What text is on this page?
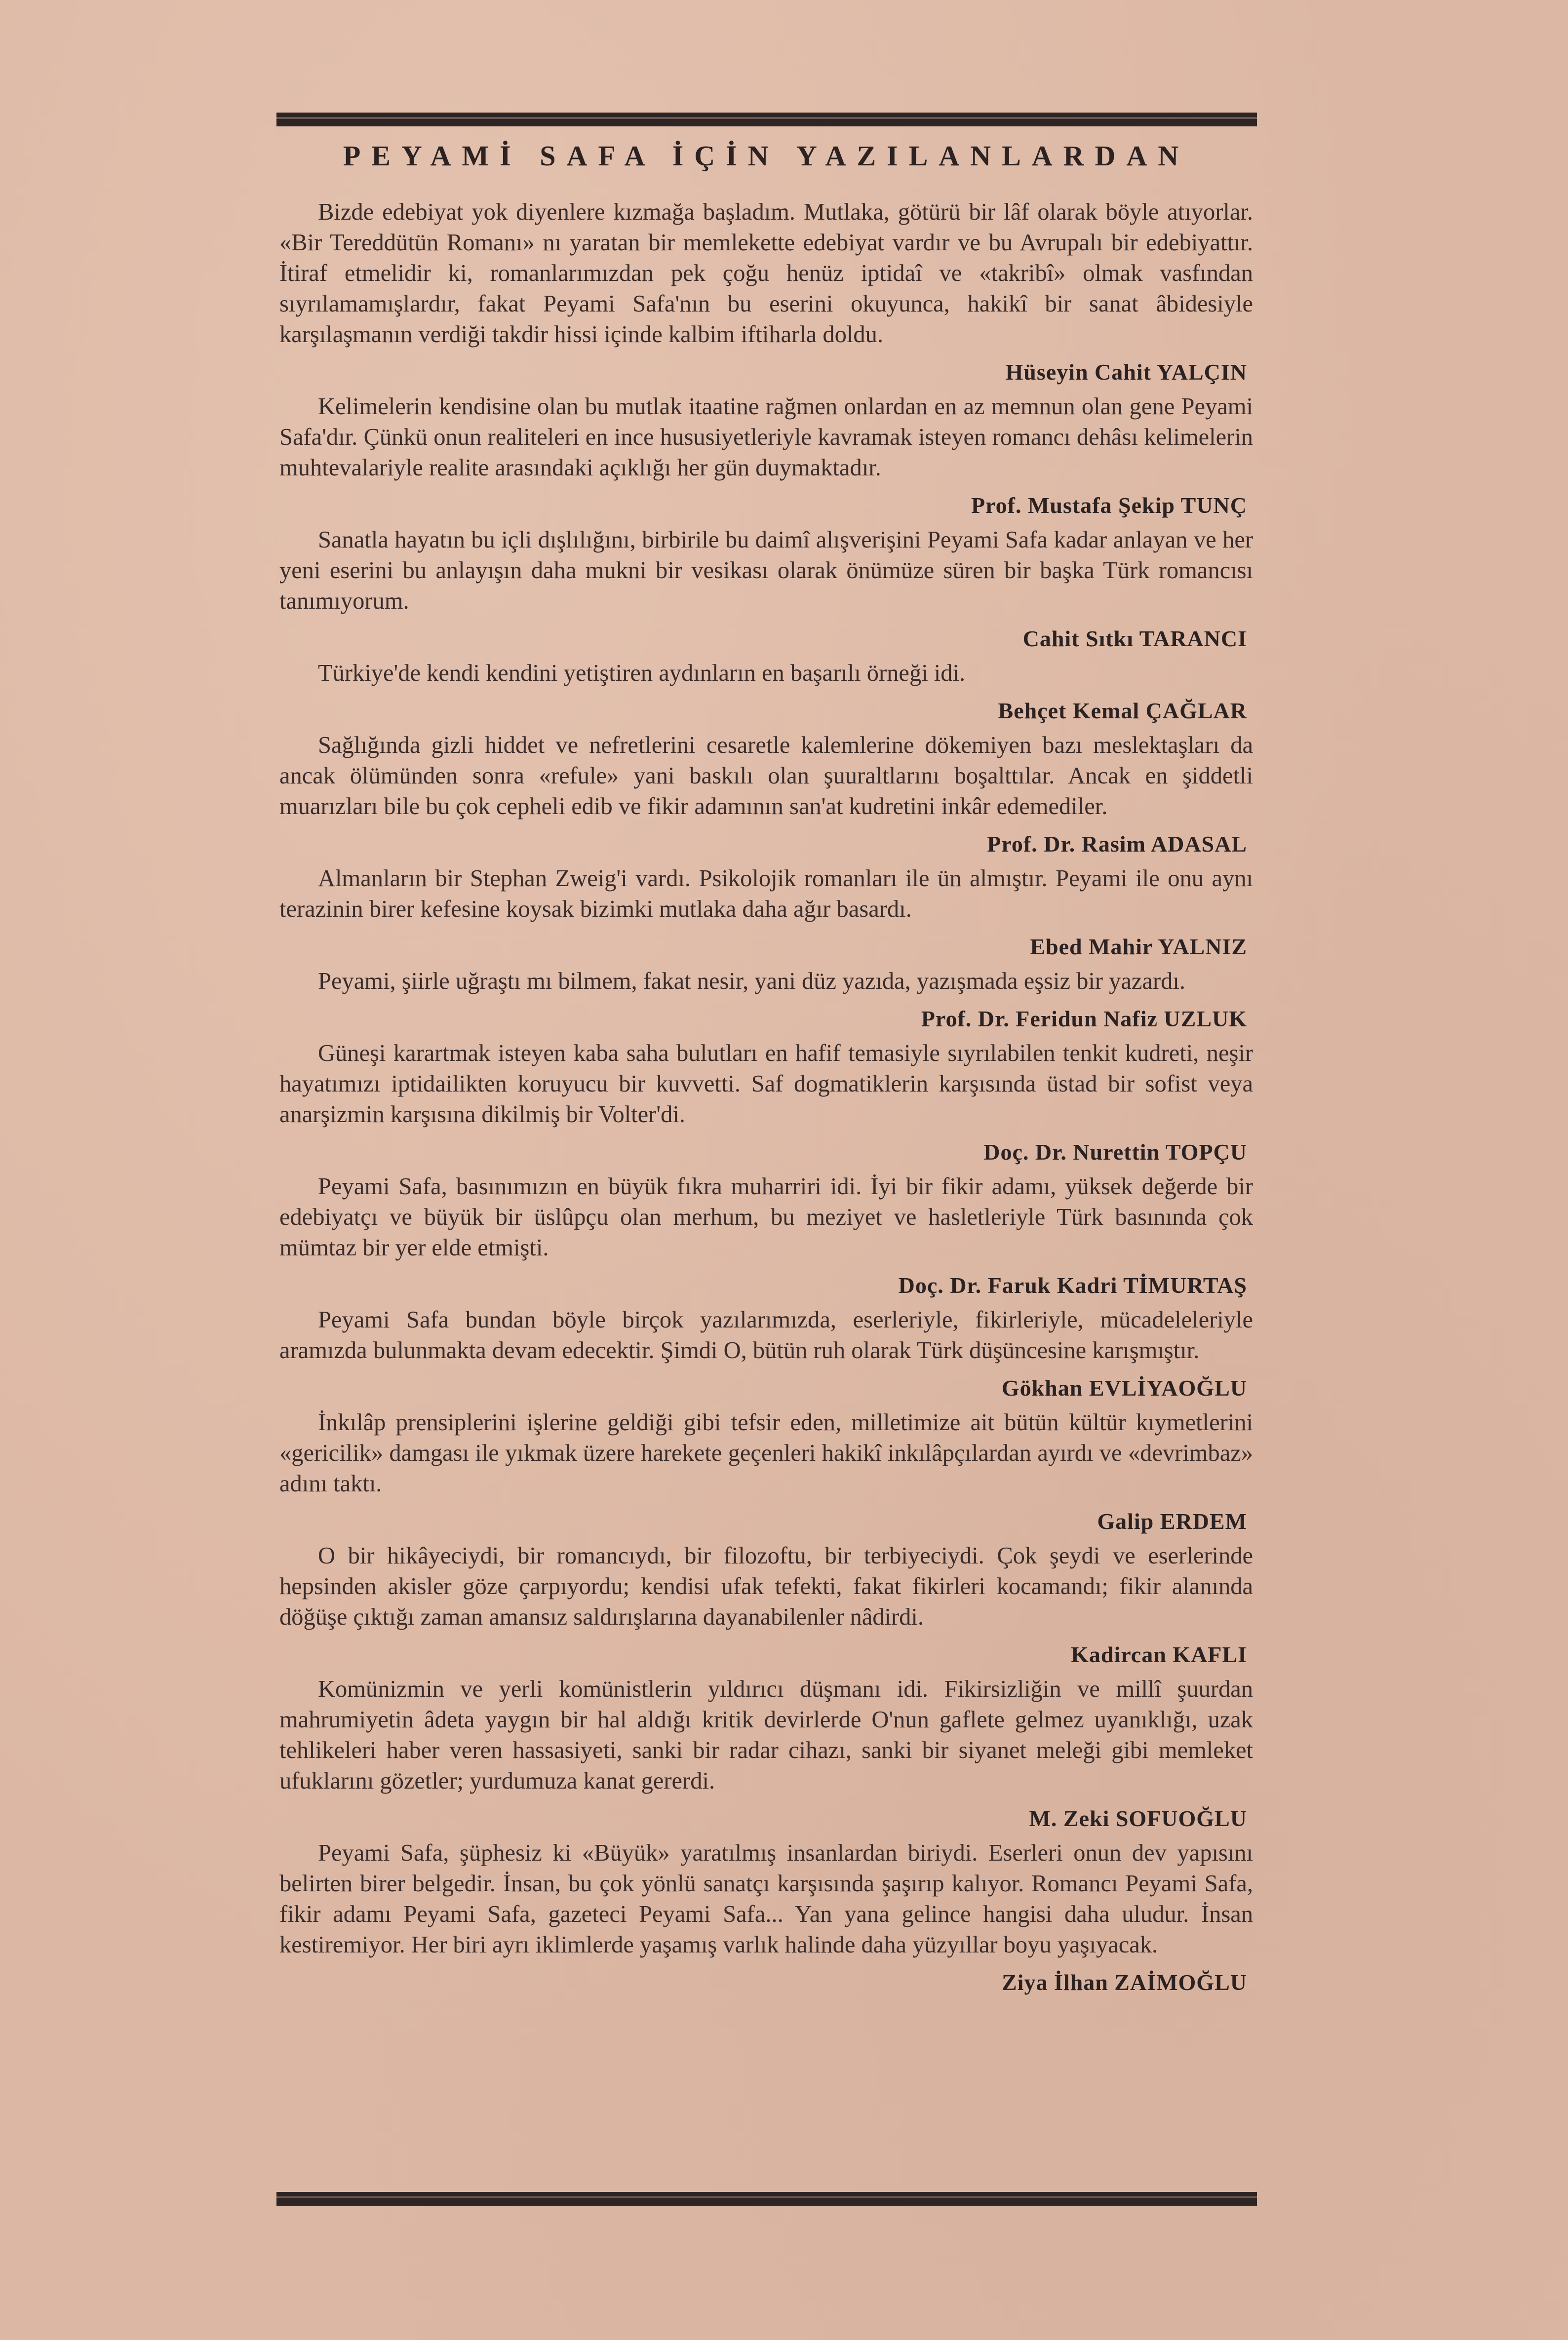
PEYAMİ SAFA İÇİN YAZILANLARDAN

Bizde edebiyat yok diyenlere kızmağa başladım. Mutlaka, götürü bir lâf olarak böyle atıyorlar. «Bir Tereddütün Romanı» nı yaratan bir memlekette edebiyat vardır ve bu Avrupalı bir edebiyattır. İtiraf etmelidir ki, romanlarımızdan pek çoğu henüz iptidaî ve «takribî» olmak vasfından sıyrılamamışlardır, fakat Peyami Safa'nın bu eserini okuyunca, hakikî bir sanat âbidesiyle karşılaşmanın verdiği takdir hissi içinde kalbim iftiharla doldu.

Hüseyin Cahit YALÇIN

Kelimelerin kendisine olan bu mutlak itaatine rağmen onlardan en az memnun olan gene Peyami Safa'dır. Çünkü onun realiteleri en ince hususiyetleriyle kavramak isteyen romancı dehâsı kelimelerin muhtevalariyle realite arasındaki açıklığı her gün duymaktadır.

Prof. Mustafa Şekip TUNÇ

Sanatla hayatın bu içli dışlılığını, birbirile bu daimî alışverişini Peyami Safa kadar anlayan ve her yeni eserini bu anlayışın daha mukni bir vesikası olarak önümüze süren bir başka Türk romancısı tanımıyorum.

Cahit Sıtkı TARANCI

Türkiye'de kendi kendini yetiştiren aydınların en başarılı örneği idi.

Behçet Kemal ÇAĞLAR

Sağlığında gizli hiddet ve nefretlerini cesaretle kalemlerine dökemiyen bazı meslektaşları da ancak ölümünden sonra «refule» yani baskılı olan şuuraltlarını boşalttılar. Ancak en şiddetli muarızları bile bu çok cepheli edib ve fikir adamının san'at kudretini inkâr edemediler.

Prof. Dr. Rasim ADASAL

Almanların bir Stephan Zweig'i vardı. Psikolojik romanları ile ün almıştır. Peyami ile onu aynı terazinin birer kefesine koysak bizimki mutlaka daha ağır basardı.

Ebed Mahir YALNIZ

Peyami, şiirle uğraştı mı bilmem, fakat nesir, yani düz yazıda, yazışmada eşsiz bir yazardı.

Prof. Dr. Feridun Nafiz UZLUK

Güneşi karartmak isteyen kaba saha bulutları en hafif temasiyle sıyrılabilen tenkit kudreti, neşir hayatımızı iptidailikten koruyucu bir kuvvetti. Saf dogmatiklerin karşısında üstad bir sofist veya anarşizmin karşısına dikilmiş bir Volter'di.

Doç. Dr. Nurettin TOPÇU

Peyami Safa, basınımızın en büyük fıkra muharriri idi. İyi bir fikir adamı, yüksek değerde bir edebiyatçı ve büyük bir üslûpçu olan merhum, bu meziyet ve hasletleriyle Türk basınında çok mümtaz bir yer elde etmişti.

Doç. Dr. Faruk Kadri TİMURTAŞ

Peyami Safa bundan böyle birçok yazılarımızda, eserleriyle, fikirleriyle, mücadeleleriyle aramızda bulunmakta devam edecektir. Şimdi O, bütün ruh olarak Türk düşüncesine karışmıştır.

Gökhan EVLİYAOĞLU

İnkılâp prensiplerini işlerine geldiği gibi tefsir eden, milletimize ait bütün kültür kıymetlerini «gericilik» damgası ile yıkmak üzere harekete geçenleri hakikî inkılâpçılardan ayırdı ve «devrimbaz» adını taktı.

Galip ERDEM

O bir hikâyeciydi, bir romancıydı, bir filozoftu, bir terbiyeciydi. Çok şeydi ve eserlerinde hepsinden akisler göze çarpıyordu; kendisi ufak tefekti, fakat fikirleri kocamandı; fikir alanında döğüşe çıktığı zaman amansız saldırışlarına dayanabilenler nâdirdi.

Kadircan KAFLI

Komünizmin ve yerli komünistlerin yıldırıcı düşmanı idi. Fikirsizliğin ve millî şuurdan mahrumiyetin âdeta yaygın bir hal aldığı kritik devirlerde O'nun gaflete gelmez uyanıklığı, uzak tehlikeleri haber veren hassasiyeti, sanki bir radar cihazı, sanki bir siyanet meleği gibi memleket ufuklarını gözetler; yurdumuza kanat gererdi.

M. Zeki SOFUOĞLU

Peyami Safa, şüphesiz ki «Büyük» yaratılmış insanlardan biriydi. Eserleri onun dev yapısını belirten birer belgedir. İnsan, bu çok yönlü sanatçı karşısında şaşırıp kalıyor. Romancı Peyami Safa, fikir adamı Peyami Safa, gazeteci Peyami Safa... Yan yana gelince hangisi daha uludur. İnsan kestiremiyor. Her biri ayrı iklimlerde yaşamış varlık halinde daha yüzyıllar boyu yaşıyacak.

Ziya İlhan ZAİMOĞLU
